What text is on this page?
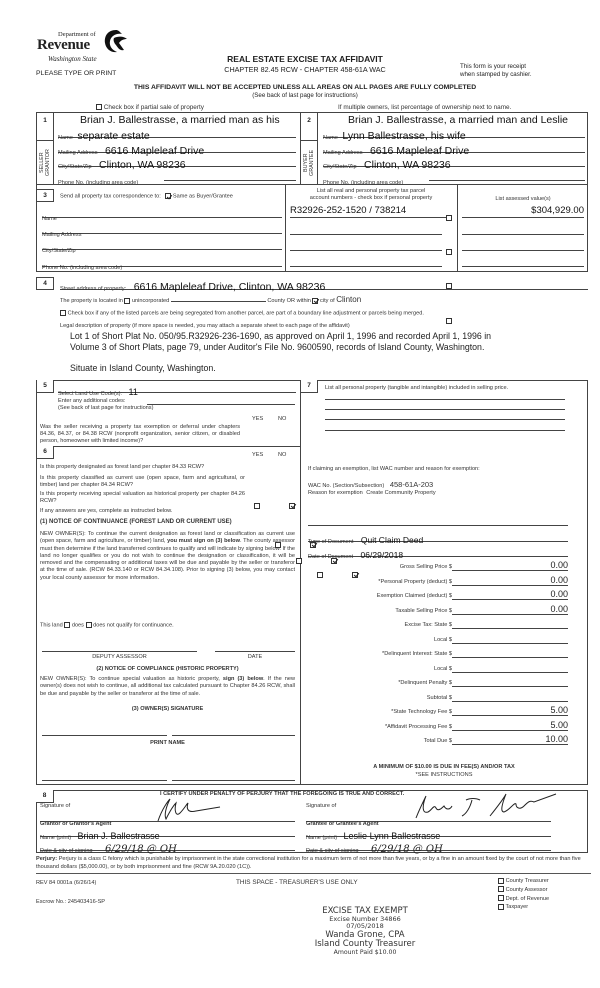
Department of
Revenue
Washington State
PLEASE TYPE OR PRINT
REAL ESTATE EXCISE TAX AFFIDAVIT
CHAPTER 82.45 RCW - CHAPTER 458-61A WAC	This form is your receipt
when stamped by cashier.
THIS AFFIDAVIT WILL NOT BE ACCEPTED UNLESS ALL AREAS ON ALL PAGES ARE FULLY COMPLETED
(See back of last page for instructions)
Check box if partial sale of property	If multiple owners, list percentage of ownership next to name.
1
SELLER
GRANTOR
2
BUYER
GRANTEE
Brian J. Ballestrasse, a married man as his
Name separate estate
Mailing Address 6616 Mapleleaf Drive
City/State/Zip Clinton, WA 98236
Phone No. (including area code)
Brian J. Ballestrasse, a married man and Leslie
Name Lynn Ballestrasse, his wife
Mailing Address 6616 Mapleleaf Drive
City/State/Zip Clinton, WA 98236
Phone No. (including area code)
3	Send all property tax correspondence to: Same as Buyer/Grantee
Name
Mailing Address
City/State/Zip
Phone No. (including area code)
List all real and personal property tax parcel
account numbers - check box if personal property	List assessed value(s)
R32926-252-1520 / 738214	$304,929.00
4
Street address of property: 6616 Mapleleaf Drive, Clinton, WA 98236
The property is located in unincorporated	County OR within city of Clinton
Check box if any of the listed parcels are being segregated from another parcel, are part of a boundary line adjustment or parcels being merged.
Legal description of property (if more space is needed, you may attach a separate sheet to each page of the affidavit)
Lot 1 of Short Plat No. 050/95.R32926-236-1690, as approved on April 1, 1996 and recorded April 1, 1996 in
Volume 3 of Short Plats, page 79, under Auditor's File No. 9600590, records of Island County, Washington.
Situate in Island County, Washington.
5
Select Land Use Code(s): 11
Enter any additional codes:
(See back of last page for instructions)
YES	NO
Was the seller receiving a property tax exemption or deferral under chapters 84.36, 84.37, or 84.38 RCW (nonprofit organization, senior citizen, or disabled person, homeowner with limited income)?

6	YES	NO
Is this property designated as forest land per chapter 84.33 RCW?

Is this property classified as current use (open space, farm and agricultural, or timber) land per chapter 84.34 RCW?

Is this property receiving special valuation as historical property per chapter 84.26 RCW?

If any answers are yes, complete as instructed below.
(1) NOTICE OF CONTINUANCE (FOREST LAND OR CURRENT USE)
NEW OWNER(S): To continue the current designation as forest land or classification as current use (open space, farm and agriculture, or timber) land, you must sign on (3) below. The county assessor must then determine if the land transferred continues to qualify and will indicate by signing below. If the land no longer qualifies or you do not wish to continue the designation or classification, it will be removed and the compensating or additional taxes will be due and payable by the seller or transferor at the time of sale. (RCW 84.33.140 or RCW 84.34.108). Prior to signing (3) below, you may contact your local county assessor for more information.
This land does does not qualify for continuance.
DEPUTY ASSESSOR	DATE
(2) NOTICE OF COMPLIANCE (HISTORIC PROPERTY)
NEW OWNER(S): To continue special valuation as historic property, sign (3) below. If the new owner(s) does not wish to continue, all additional tax calculated pursuant to Chapter 84.26 RCW, shall be due and payable by the seller or transferor at the time of sale.
(3) OWNER(S) SIGNATURE
PRINT NAME
7	List all personal property (tangible and intangible) included in selling price.
If claiming an exemption, list WAC number and reason for exemption:
WAC No. (Section/Subsection) 458-61A-203
Reason for exemption Create Community Property
Type of Document Quit Claim Deed
Date of Document 06/29/2018
Gross Selling Price $	0.00
*Personal Property (deduct) $	0.00
Exemption Claimed (deduct) $	0.00
Taxable Selling Price $	0.00
Excise Tax: State $
Local $
*Delinquent Interest: State $
Local $
*Delinquent Penalty $
Subtotal $
*State Technology Fee $	5.00
*Affidavit Processing Fee $	5.00
Total Due $	10.00
A MINIMUM OF $10.00 IS DUE IN FEE(S) AND/OR TAX
*SEE INSTRUCTIONS
8	I CERTIFY UNDER PENALTY OF PERJURY THAT THE FOREGOING IS TRUE AND CORRECT.
Signature of
Grantor or Grantor's Agent
Name (print) Brian J. Ballestrasse
Date & city of signing 6/29/18 @ OH
Signature of
Grantee or Grantee's Agent
Name (print) Leslie Lynn Ballestrasse
Date & city of signing 6/29/18 @ OH
Perjury: Perjury is a class C felony which is punishable by imprisonment in the state correctional institution for a maximum term of not more than five years, or by a fine in an amount fixed by the court of not more than five thousand dollars ($5,000.00), or by both imprisonment and fine (RCW 9A.20.020 (1C)).
REV 84 0001a (6/26/14)	THIS SPACE - TREASURER'S USE ONLY
Escrow No.: 245403416-SP
County Treasurer
County Assessor
Dept. of Revenue
Taxpayer
EXCISE TAX EXEMPT
Excise Number 34866
07/05/2018
Wanda Grone, CPA
Island County Treasurer
Amount Paid $10.00
